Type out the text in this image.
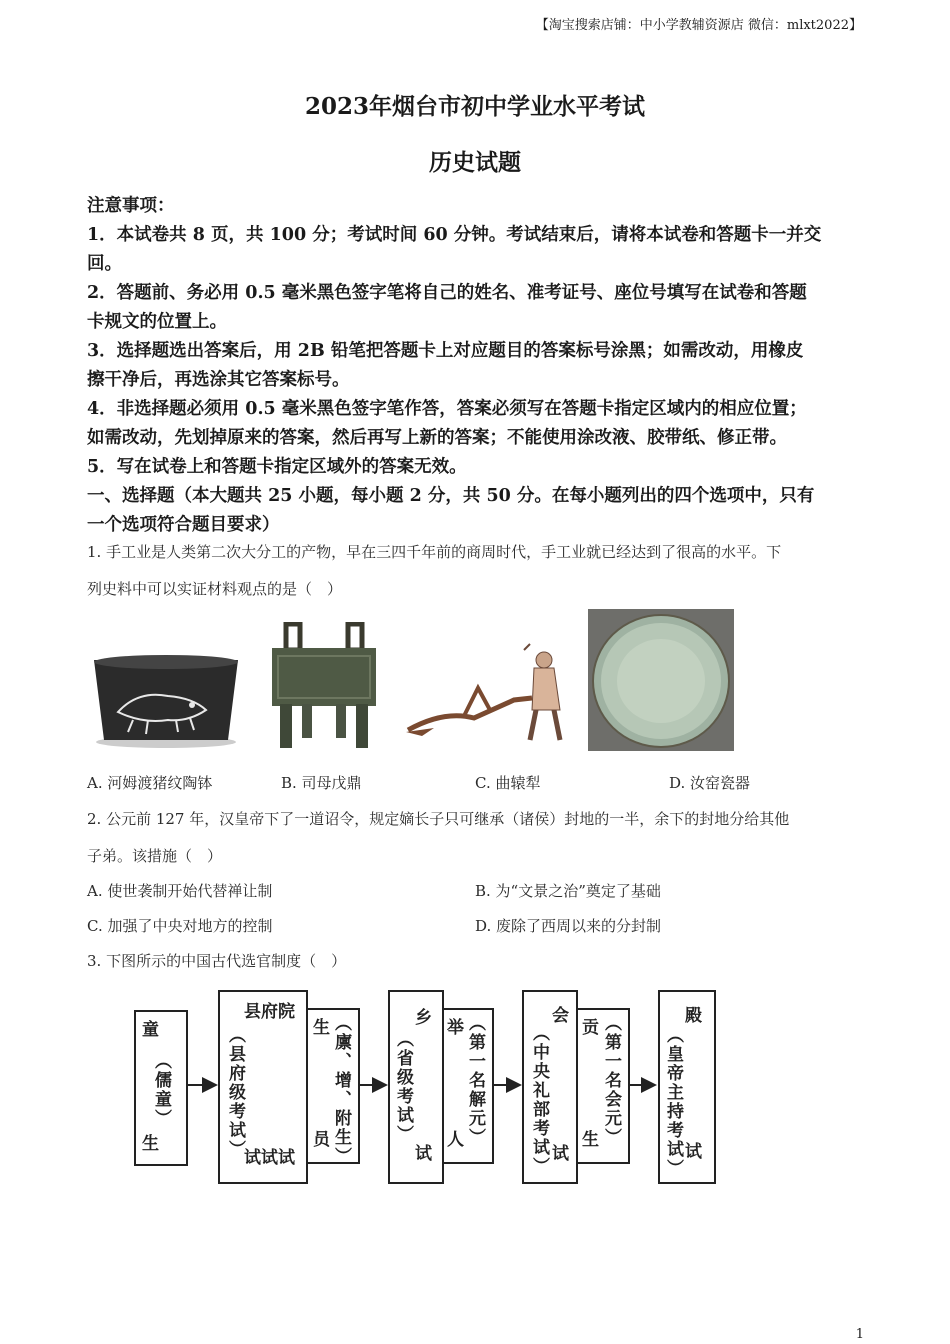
【淘宝搜索店铺：中小学教辅资源店 微信：mlxt2022】
2023年烟台市初中学业水平考试
历史试题
注意事项：
1．本试卷共 8 页，共 100 分；考试时间 60 分钟。考试结束后，请将本试卷和答题卡一并交
回。
2．答题前、务必用 0.5 毫米黑色签字笔将自己的姓名、准考证号、座位号填写在试卷和答题
卡规文的位置上。
3．选择题选出答案后，用 2B 铅笔把答题卡上对应题目的答案标号涂黑；如需改动，用橡皮
擦干净后，再选涂其它答案标号。
4．非选择题必须用 0.5 毫米黑色签字笔作答，答案必须写在答题卡指定区域内的相应位置；
如需改动，先划掉原来的答案，然后再写上新的答案；不能使用涂改液、胶带纸、修正带。
5．写在试卷上和答题卡指定区域外的答案无效。
一、选择题（本大题共 25 小题，每小题 2 分，共 50 分。在每小题列出的四个选项中，只有
一个选项符合题目要求）
1. 手工业是人类第二次大分工的产物，早在三四千年前的商周时代，手工业就已经达到了很高的水平。下
列史料中可以实证材料观点的是（　）
A. 河姆渡猪纹陶钵	B. 司母戊鼎	C. 曲辕犁	D. 汝窑瓷器
2. 公元前 127 年，汉皇帝下了一道诏令，规定嫡长子只可继承（诸侯）封地的一半，余下的封地分给其他
子弟。该措施（　）
A. 使世袭制开始代替禅让制	B. 为“文景之治”奠定了基础
C. 加强了中央对地方的控制	D. 废除了西周以来的分封制
3. 下图所示的中国古代选官制度（　）
童
（儒童）
生
县府院
（县府级考试） 试试试
生
员 （廪、增、附生）	乡
（省级考试）
试
举
人 （第一名解元）	会
（中央礼部考试） 试
贡
生 （第一名会元）	殿
（皇帝主持考试） 试
1
